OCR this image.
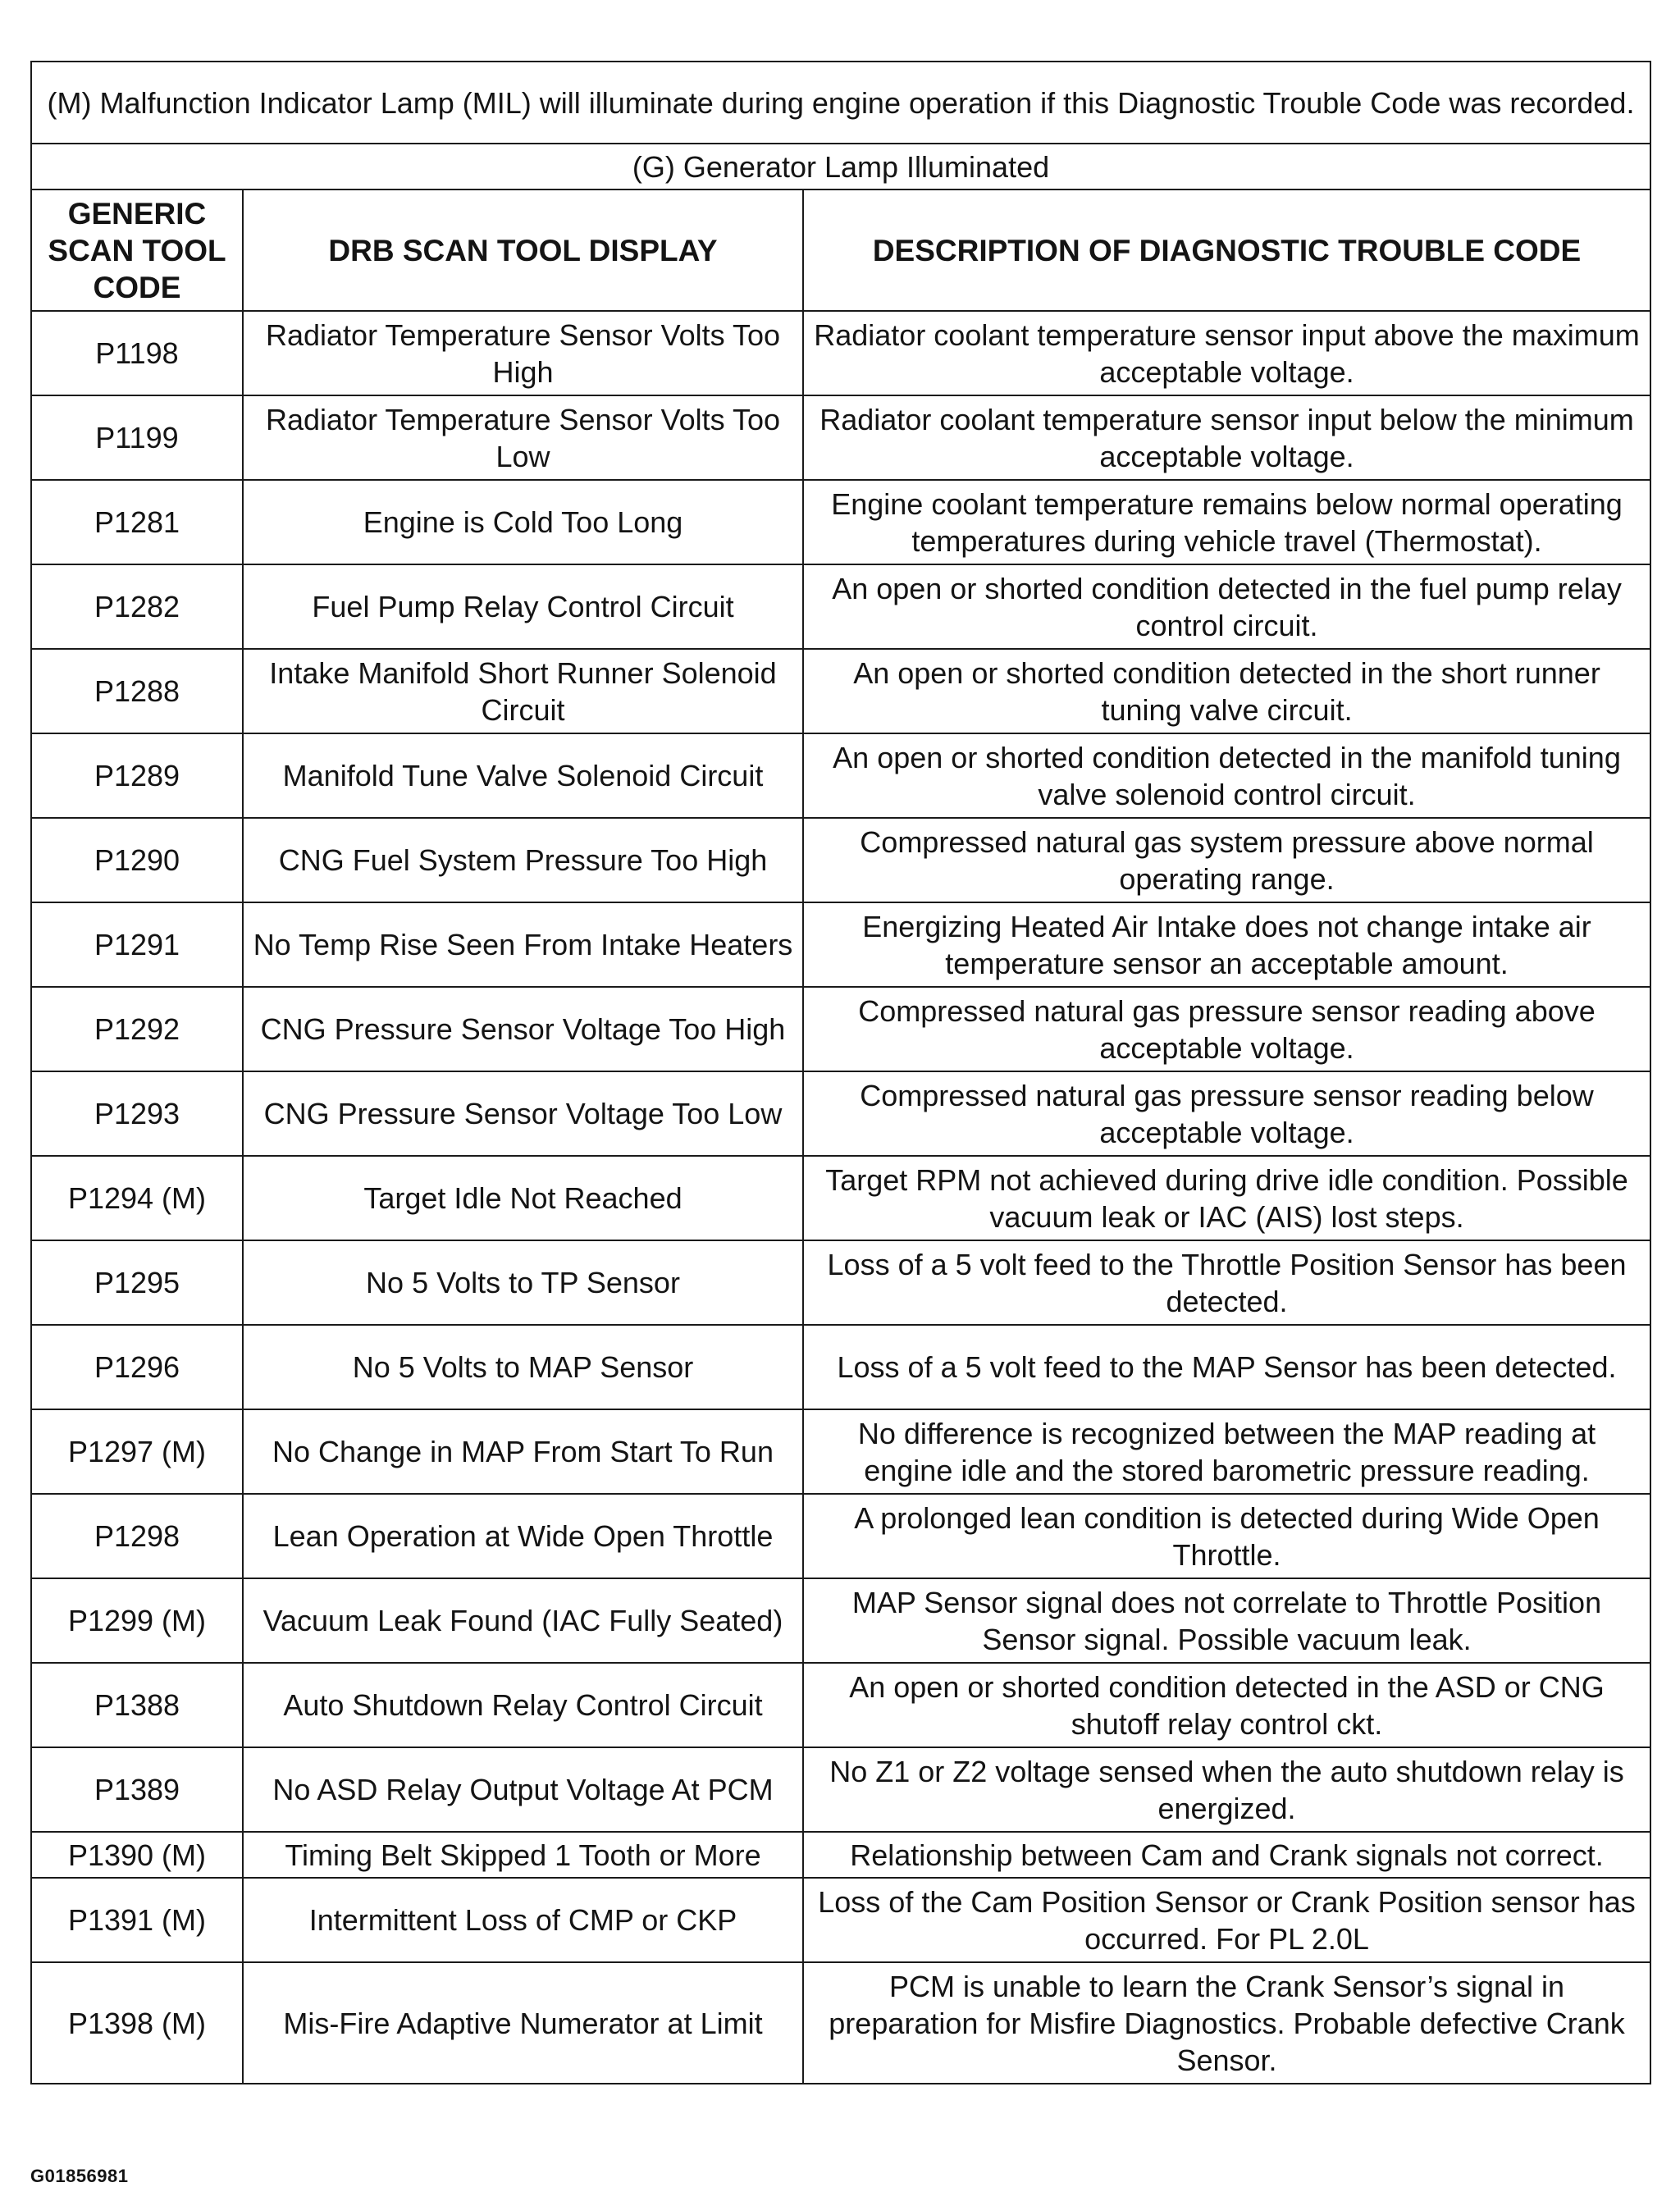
(M) Malfunction Indicator Lamp (MIL) will illuminate during engine operation if this Diagnostic Trouble Code was recorded.		
(G) Generator Lamp Illuminated		
GENERIC SCAN TOOL CODE	DRB SCAN TOOL DISPLAY	DESCRIPTION OF DIAGNOSTIC TROUBLE CODE
P1198	Radiator Temperature Sensor Volts Too High	Radiator coolant temperature sensor input above the maximum acceptable voltage.
P1199	Radiator Temperature Sensor Volts Too Low	Radiator coolant temperature sensor input below the minimum acceptable voltage.
P1281	Engine is Cold Too Long	Engine coolant temperature remains below normal operating temperatures during vehicle travel (Thermostat).
P1282	Fuel Pump Relay Control Circuit	An open or shorted condition detected in the fuel pump relay control circuit.
P1288	Intake Manifold Short Runner Solenoid Circuit	An open or shorted condition detected in the short runner tuning valve circuit.
P1289	Manifold Tune Valve Solenoid Circuit	An open or shorted condition detected in the manifold tuning valve solenoid control circuit.
P1290	CNG Fuel System Pressure Too High	Compressed natural gas system pressure above normal operating range.
P1291	No Temp Rise Seen From Intake Heaters	Energizing Heated Air Intake does not change intake air temperature sensor an acceptable amount.
P1292	CNG Pressure Sensor Voltage Too High	Compressed natural gas pressure sensor reading above acceptable voltage.
P1293	CNG Pressure Sensor Voltage Too Low	Compressed natural gas pressure sensor reading below acceptable voltage.
P1294 (M)	Target Idle Not Reached	Target RPM not achieved during drive idle condition. Possible vacuum leak or IAC (AIS) lost steps.
P1295	No 5 Volts to TP Sensor	Loss of a 5 volt feed to the Throttle Position Sensor has been detected.
P1296	No 5 Volts to MAP Sensor	Loss of a 5 volt feed to the MAP Sensor has been detected.
P1297 (M)	No Change in MAP From Start To Run	No difference is recognized between the MAP reading at engine idle and the stored barometric pressure reading.
P1298	Lean Operation at Wide Open Throttle	A prolonged lean condition is detected during Wide Open Throttle.
P1299 (M)	Vacuum Leak Found (IAC Fully Seated)	MAP Sensor signal does not correlate to Throttle Position Sensor signal. Possible vacuum leak.
P1388	Auto Shutdown Relay Control Circuit	An open or shorted condition detected in the ASD or CNG shutoff relay control ckt.
P1389	No ASD Relay Output Voltage At PCM	No Z1 or Z2 voltage sensed when the auto shutdown relay is energized.
P1390 (M)	Timing Belt Skipped 1 Tooth or More	Relationship between Cam and Crank signals not correct.
P1391 (M)	Intermittent Loss of CMP or CKP	Loss of the Cam Position Sensor or Crank Position sensor has occurred. For PL 2.0L
P1398 (M)	Mis-Fire Adaptive Numerator at Limit	PCM is unable to learn the Crank Sensor’s signal in preparation for Misfire Diagnostics. Probable defective Crank Sensor.
G01856981
